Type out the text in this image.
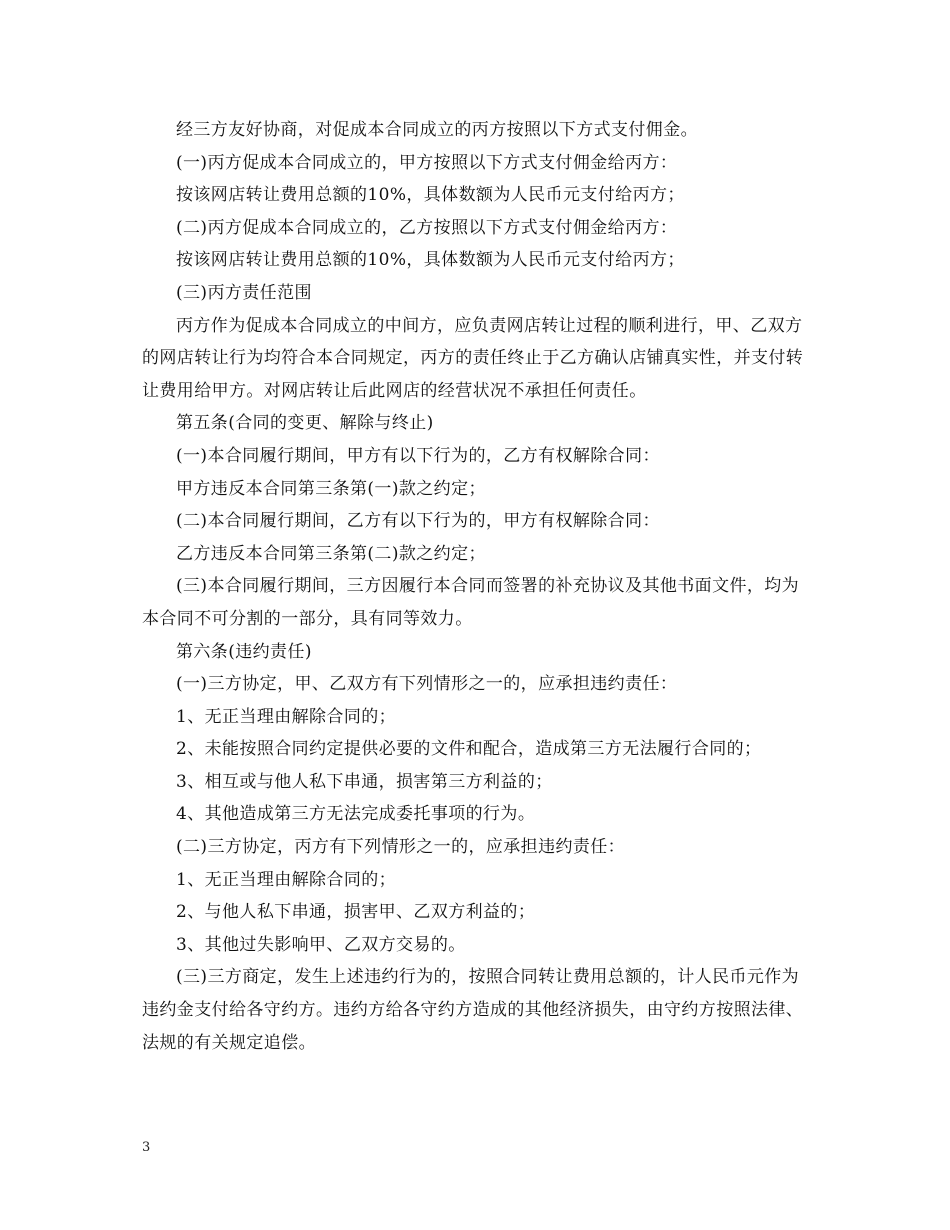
经三方友好协商，对促成本合同成立的丙方按照以下方式支付佣金。

(一)丙方促成本合同成立的，甲方按照以下方式支付佣金给丙方：

按该网店转让费用总额的10%，具体数额为人民币元支付给丙方；

(二)丙方促成本合同成立的，乙方按照以下方式支付佣金给丙方：

按该网店转让费用总额的10%，具体数额为人民币元支付给丙方；

(三)丙方责任范围

丙方作为促成本合同成立的中间方，应负责网店转让过程的顺利进行，甲、乙双方的网店转让行为均符合本合同规定，丙方的责任终止于乙方确认店铺真实性，并支付转让费用给甲方。对网店转让后此网店的经营状况不承担任何责任。

第五条(合同的变更、解除与终止)

(一)本合同履行期间，甲方有以下行为的，乙方有权解除合同：

甲方违反本合同第三条第(一)款之约定；

(二)本合同履行期间，乙方有以下行为的，甲方有权解除合同：

乙方违反本合同第三条第(二)款之约定；

(三)本合同履行期间，三方因履行本合同而签署的补充协议及其他书面文件，均为本合同不可分割的一部分，具有同等效力。

第六条(违约责任)

(一)三方协定，甲、乙双方有下列情形之一的，应承担违约责任：

1、无正当理由解除合同的；

2、未能按照合同约定提供必要的文件和配合，造成第三方无法履行合同的；

3、相互或与他人私下串通，损害第三方利益的；

4、其他造成第三方无法完成委托事项的行为。

(二)三方协定，丙方有下列情形之一的，应承担违约责任：

1、无正当理由解除合同的；

2、与他人私下串通，损害甲、乙双方利益的；

3、其他过失影响甲、乙双方交易的。

(三)三方商定，发生上述违约行为的，按照合同转让费用总额的，计人民币元作为违约金支付给各守约方。违约方给各守约方造成的其他经济损失，由守约方按照法律、法规的有关规定追偿。

3
